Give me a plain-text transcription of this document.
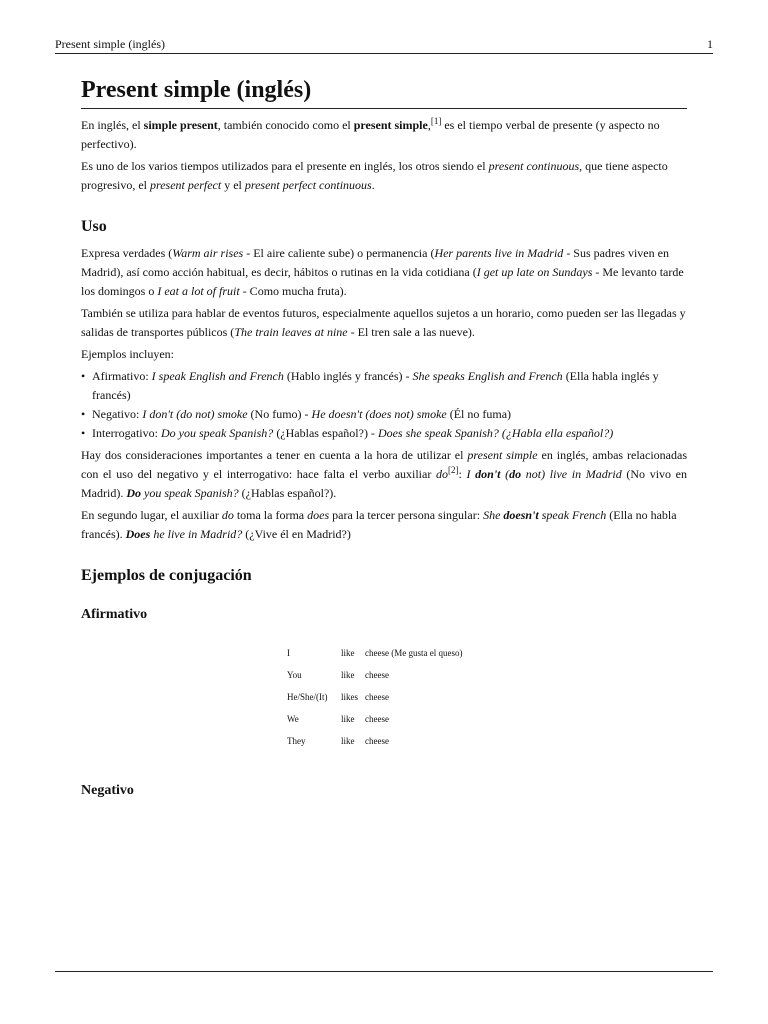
Present simple (inglés)	1
Present simple (inglés)

En inglés, el simple present, también conocido como el present simple,[1] es el tiempo verbal de presente (y aspecto no perfectivo).

Es uno de los varios tiempos utilizados para el presente en inglés, los otros siendo el present continuous, que tiene aspecto progresivo, el present perfect y el present perfect continuous.

Uso

Expresa verdades (Warm air rises - El aire caliente sube) o permanencia (Her parents live in Madrid - Sus padres viven en Madrid), así como acción habitual, es decir, hábitos o rutinas en la vida cotidiana (I get up late on Sundays - Me levanto tarde los domingos o I eat a lot of fruit - Como mucha fruta).

También se utiliza para hablar de eventos futuros, especialmente aquellos sujetos a un horario, como pueden ser las llegadas y salidas de transportes públicos (The train leaves at nine - El tren sale a las nueve).

Ejemplos incluyen:

• Afirmativo: I speak English and French (Hablo inglés y francés) - She speaks English and French (Ella habla inglés y francés)
• Negativo: I don't (do not) smoke (No fumo) - He doesn't (does not) smoke (Él no fuma)
• Interrogativo: Do you speak Spanish? (¿Hablas español?) - Does she speak Spanish? (¿Habla ella español?)

Hay dos consideraciones importantes a tener en cuenta a la hora de utilizar el present simple en inglés, ambas relacionadas con el uso del negativo y el interrogativo: hace falta el verbo auxiliar do[2]: I don't (do not) live in Madrid (No vivo en Madrid). Do you speak Spanish? (¿Hablas español?).

En segundo lugar, el auxiliar do toma la forma does para la tercer persona singular: She doesn't speak French (Ella no habla francés). Does he live in Madrid? (¿Vive él en Madrid?)

Ejemplos de conjugación
Afirmativo
I	like	cheese (Me gusta el queso)
You	like	cheese
He/She/(It)	likes	cheese
We	like	cheese
They	like	cheese
Negativo
